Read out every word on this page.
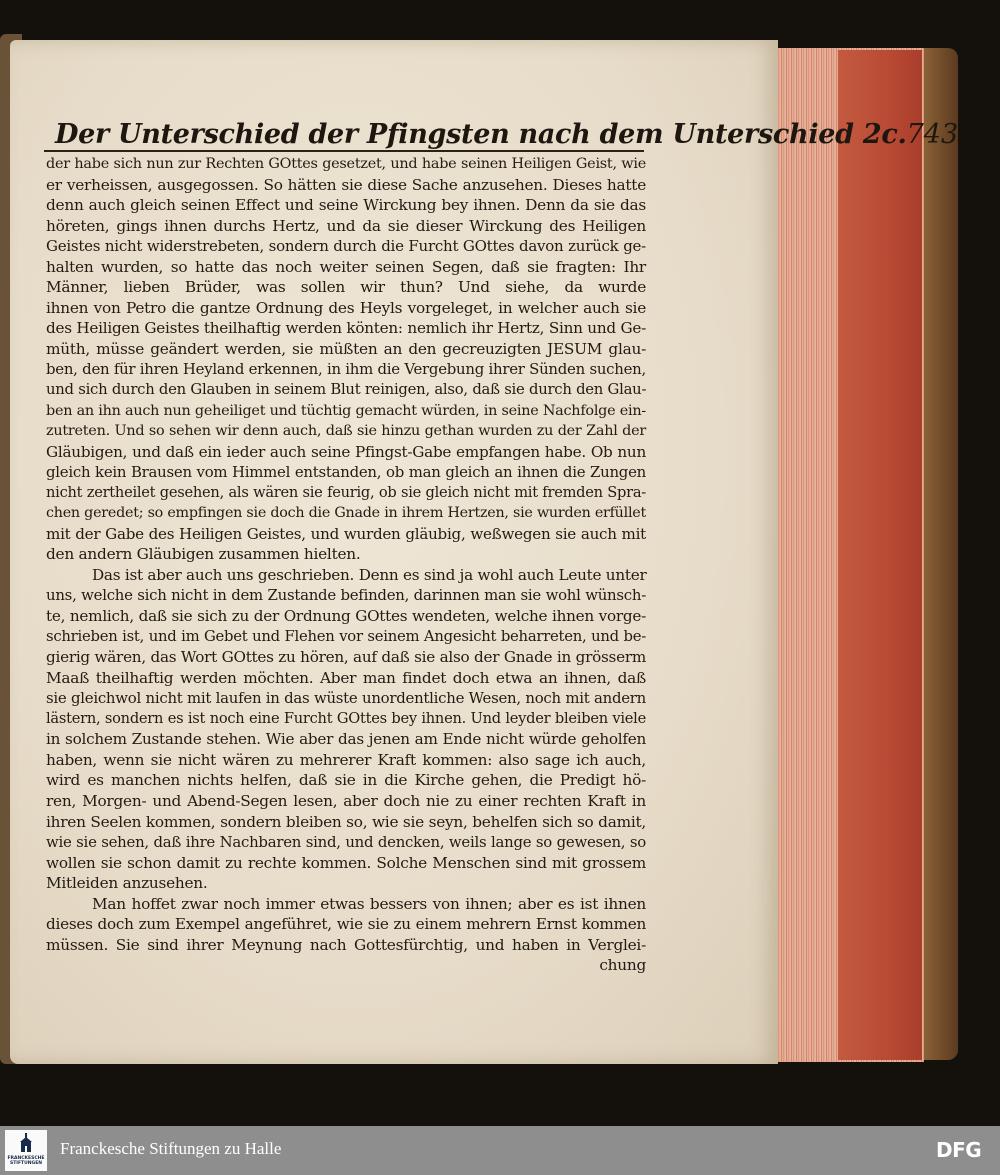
Der Unterschied der Pfingsten nach dem Unterschied 2c. 743
der habe sich nun zur Rechten GOttes gesetzet, und habe seinen Heiligen Geist, wie
er verheissen, ausgegossen. So hätten sie diese Sache anzusehen. Dieses hatte
denn auch gleich seinen Effect und seine Wirckung bey ihnen. Denn da sie das
höreten, gings ihnen durchs Hertz, und da sie dieser Wirckung des Heiligen
Geistes nicht widerstrebeten, sondern durch die Furcht GOttes davon zurück ge-
halten wurden, so hatte das noch weiter seinen Segen, daß sie fragten: Ihr
Männer, lieben Brüder, was sollen wir thun? Und siehe, da wurde
ihnen von Petro die gantze Ordnung des Heyls vorgeleget, in welcher auch sie
des Heiligen Geistes theilhaftig werden könten: nemlich ihr Hertz, Sinn und Ge-
müth, müsse geändert werden, sie müßten an den gecreuzigten JESUM glau-
ben, den für ihren Heyland erkennen, in ihm die Vergebung ihrer Sünden suchen,
und sich durch den Glauben in seinem Blut reinigen, also, daß sie durch den Glau-
ben an ihn auch nun geheiliget und tüchtig gemacht würden, in seine Nachfolge ein-
zutreten. Und so sehen wir denn auch, daß sie hinzu gethan wurden zu der Zahl der
Gläubigen, und daß ein ieder auch seine Pfingst-Gabe empfangen habe. Ob nun
gleich kein Brausen vom Himmel entstanden, ob man gleich an ihnen die Zungen
nicht zertheilet gesehen, als wären sie feurig, ob sie gleich nicht mit fremden Spra-
chen geredet; so empfingen sie doch die Gnade in ihrem Hertzen, sie wurden erfüllet
mit der Gabe des Heiligen Geistes, und wurden gläubig, weßwegen sie auch mit
den andern Gläubigen zusammen hielten.
Das ist aber auch uns geschrieben. Denn es sind ja wohl auch Leute unter
uns, welche sich nicht in dem Zustande befinden, darinnen man sie wohl wünsch-
te, nemlich, daß sie sich zu der Ordnung GOttes wendeten, welche ihnen vorge-
schrieben ist, und im Gebet und Flehen vor seinem Angesicht beharreten, und be-
gierig wären, das Wort GOttes zu hören, auf daß sie also der Gnade in grösserm
Maaß theilhaftig werden möchten. Aber man findet doch etwa an ihnen, daß
sie gleichwol nicht mit laufen in das wüste unordentliche Wesen, noch mit andern
lästern, sondern es ist noch eine Furcht GOttes bey ihnen. Und leyder bleiben viele
in solchem Zustande stehen. Wie aber das jenen am Ende nicht würde geholfen
haben, wenn sie nicht wären zu mehrerer Kraft kommen: also sage ich auch,
wird es manchen nichts helfen, daß sie in die Kirche gehen, die Predigt hö-
ren, Morgen- und Abend-Segen lesen, aber doch nie zu einer rechten Kraft in
ihren Seelen kommen, sondern bleiben so, wie sie seyn, behelfen sich so damit,
wie sie sehen, daß ihre Nachbaren sind, und dencken, weils lange so gewesen, so
wollen sie schon damit zu rechte kommen. Solche Menschen sind mit grossem
Mitleiden anzusehen.
Man hoffet zwar noch immer etwas bessers von ihnen; aber es ist ihnen
dieses doch zum Exempel angeführet, wie sie zu einem mehrern Ernst kommen
müssen. Sie sind ihrer Meynung nach Gottesfürchtig, und haben in Verglei-
chung
FRANCKESCHE STIFTUNGEN
Franckesche Stiftungen zu Halle	DFG
